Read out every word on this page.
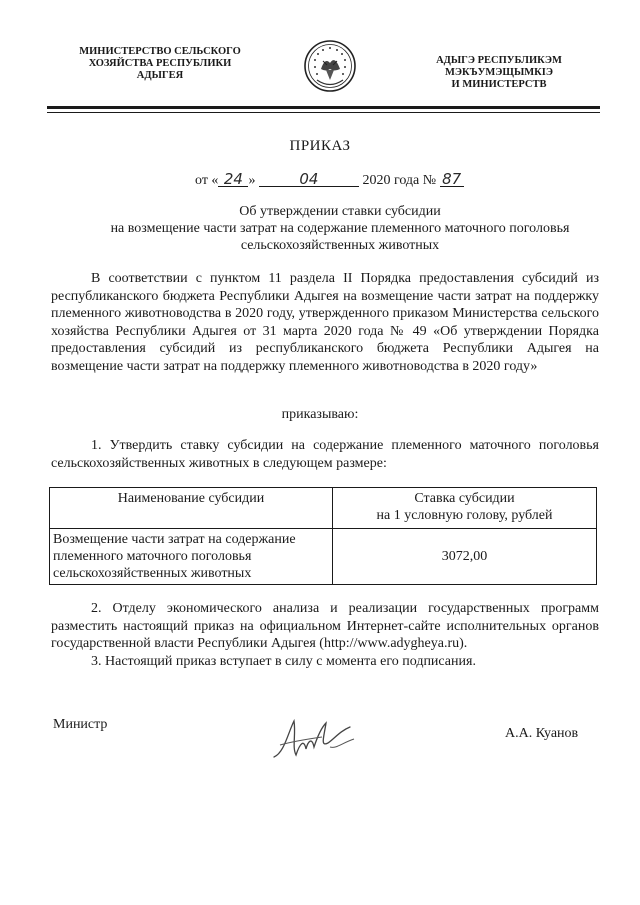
МИНИСТЕРСТВО СЕЛЬСКОГО
ХОЗЯЙСТВА РЕСПУБЛИКИ
АДЫГЕЯ
АДЫГЭ РЕСПУБЛИКЭМ
МЭКЪУМЭЩЫМКІЭ
И МИНИСТЕРСТВ
ПРИКАЗ
от « 24 »	04	2020 года № 87
Об утверждении ставки субсидии
на возмещение части затрат на содержание племенного маточного поголовья
сельскохозяйственных животных
В соответствии с пунктом 11 раздела II Порядка предоставления субсидий из республиканского бюджета Республики Адыгея на возмещение части затрат на поддержку племенного животноводства в 2020 году, утвержденного приказом Министерства сельского хозяйства Республики Адыгея от 31 марта 2020 года № 49 «Об утверждении Порядка предоставления субсидий из республиканского бюджета Республики Адыгея на возмещение части затрат на поддержку племенного животноводства в 2020 году»
приказываю:
1. Утвердить ставку субсидии на содержание племенного маточного поголовья сельскохозяйственных животных в следующем размере:
Наименование субсидии	Ставка субсидии
на 1 условную голову, рублей

Возмещение части затрат на содержание
племенного маточного поголовья
сельскохозяйственных животных	3072,00
2. Отделу экономического анализа и реализации государственных программ разместить настоящий приказ на официальном Интернет-сайте исполнительных органов государственной власти Республики Адыгея (http://www.adygheya.ru).
3. Настоящий приказ вступает в силу с момента его подписания.
Министр
А.А. Куанов
